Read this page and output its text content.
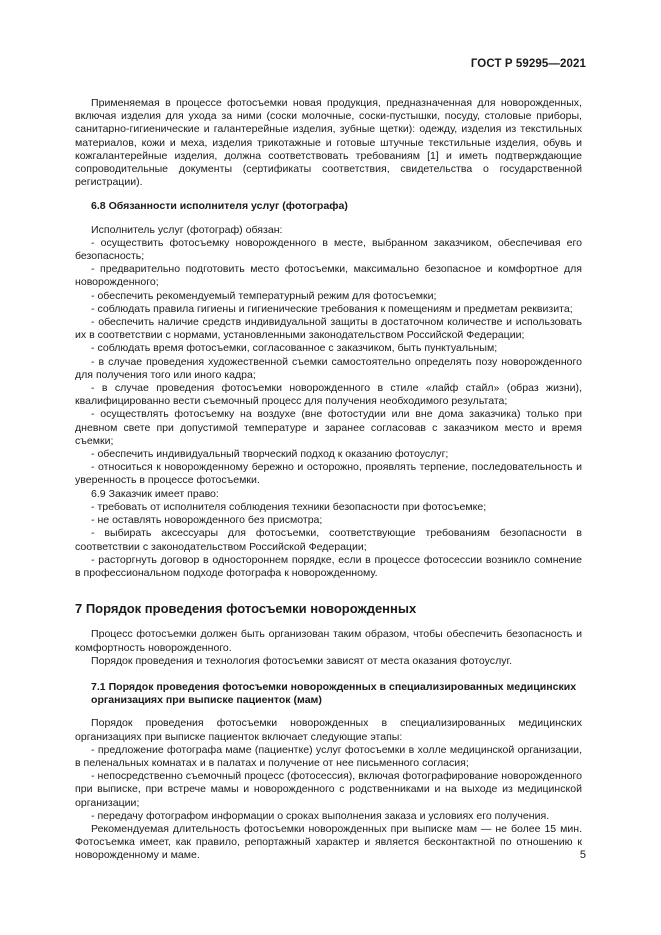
ГОСТ Р 59295—2021

Применяемая в процессе фотосъемки новая продукция, предназначенная для новорожденных, включая изделия для ухода за ними (соски молочные, соски-пустышки, посуду, столовые приборы, санитарно-гигиенические и галантерейные изделия, зубные щетки): одежду, изделия из текстильных материалов, кожи и меха, изделия трикотажные и готовые штучные текстильные изделия, обувь и кожгалантерейные изделия, должна соответствовать требованиям [1] и иметь подтверждающие сопроводительные документы (сертификаты соответствия, свидетельства о государственной регистрации).

6.8 Обязанности исполнителя услуг (фотографа)

Исполнитель услуг (фотограф) обязан:

- осуществить фотосъемку новорожденного в месте, выбранном заказчиком, обеспечивая его безопасность;

- предварительно подготовить место фотосъемки, максимально безопасное и комфортное для новорожденного;

- обеспечить рекомендуемый температурный режим для фотосъемки;

- соблюдать правила гигиены и гигиенические требования к помещениям и предметам реквизита;

- обеспечить наличие средств индивидуальной защиты в достаточном количестве и использовать их в соответствии с нормами, установленными законодательством Российской Федерации;

- соблюдать время фотосъемки, согласованное с заказчиком, быть пунктуальным;

- в случае проведения художественной съемки самостоятельно определять позу новорожденного для получения того или иного кадра;

- в случае проведения фотосъемки новорожденного в стиле «лайф стайл» (образ жизни), квалифицированно вести съемочный процесс для получения необходимого результата;

- осуществлять фотосъемку на воздухе (вне фотостудии или вне дома заказчика) только при дневном свете при допустимой температуре и заранее согласовав с заказчиком место и время съемки;

- обеспечить индивидуальный творческий подход к оказанию фотоуслуг;

- относиться к новорожденному бережно и осторожно, проявлять терпение, последовательность и уверенность в процессе фотосъемки.

6.9 Заказчик имеет право:

- требовать от исполнителя соблюдения техники безопасности при фотосъемке;

- не оставлять новорожденного без присмотра;

- выбирать аксессуары для фотосъемки, соответствующие требованиям безопасности в соответствии с законодательством Российской Федерации;

- расторгнуть договор в одностороннем порядке, если в процессе фотосессии возникло сомнение в профессиональном подходе фотографа к новорожденному.

7 Порядок проведения фотосъемки новорожденных

Процесс фотосъемки должен быть организован таким образом, чтобы обеспечить безопасность и комфортность новорожденного.

Порядок проведения и технология фотосъемки зависят от места оказания фотоуслуг.

7.1 Порядок проведения фотосъемки новорожденных в специализированных медицинских организациях при выписке пациенток (мам)

Порядок проведения фотосъемки новорожденных в специализированных медицинских организациях при выписке пациенток включает следующие этапы:

- предложение фотографа маме (пациентке) услуг фотосъемки в холле медицинской организации, в пеленальных комнатах и в палатах и получение от нее письменного согласия;

- непосредственно съемочный процесс (фотосессия), включая фотографирование новорожденного при выписке, при встрече мамы и новорожденного с родственниками и на выходе из медицинской организации;

- передачу фотографом информации о сроках выполнения заказа и условиях его получения.

Рекомендуемая длительность фотосъемки новорожденных при выписке мам — не более 15 мин. Фотосъемка имеет, как правило, репортажный характер и является бесконтактной по отношению к новорожденному и маме.	5
